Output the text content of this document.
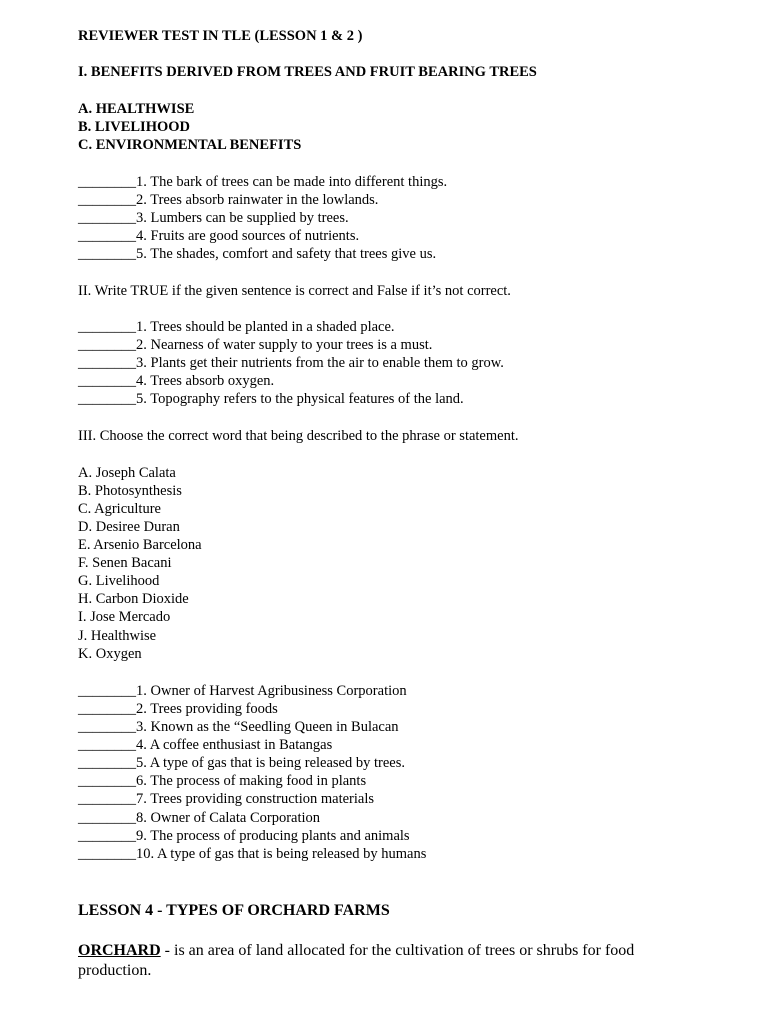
REVIEWER TEST IN TLE (LESSON 1 & 2 )

I. BENEFITS DERIVED FROM TREES AND FRUIT BEARING TREES

A. HEALTHWISE

B. LIVELIHOOD

C. ENVIRONMENTAL BENEFITS

________1. The bark of trees can be made into different things.

________2. Trees absorb rainwater in the lowlands.

________3. Lumbers can be supplied by trees.

________4. Fruits are good sources of nutrients.

________5. The shades, comfort and safety that trees give us.

II. Write TRUE if the given sentence is correct and False if it’s not correct.

________1. Trees should be planted in a shaded place.

________2. Nearness of water supply to your trees is a must.

________3. Plants get their nutrients from the air to enable them to grow.

________4. Trees absorb oxygen.

________5. Topography refers to the physical features of the land.

III. Choose the correct word that being described to the phrase or statement.

A. Joseph Calata

B. Photosynthesis

C. Agriculture

D. Desiree Duran

E. Arsenio Barcelona

F. Senen Bacani

G. Livelihood

H. Carbon Dioxide

I. Jose Mercado

J. Healthwise

K. Oxygen

________1. Owner of Harvest Agribusiness Corporation

________2. Trees providing foods

________3. Known as the “Seedling Queen in Bulacan

________4. A coffee enthusiast in Batangas

________5. A type of gas that is being released by trees.

________6. The process of making food in plants

________7. Trees providing construction materials

________8. Owner of Calata Corporation

________9. The process of producing plants and animals

________10. A type of gas that is being released by humans

LESSON 4 - TYPES OF ORCHARD FARMS

ORCHARD - is an area of land allocated for the cultivation of trees or shrubs for food production.
